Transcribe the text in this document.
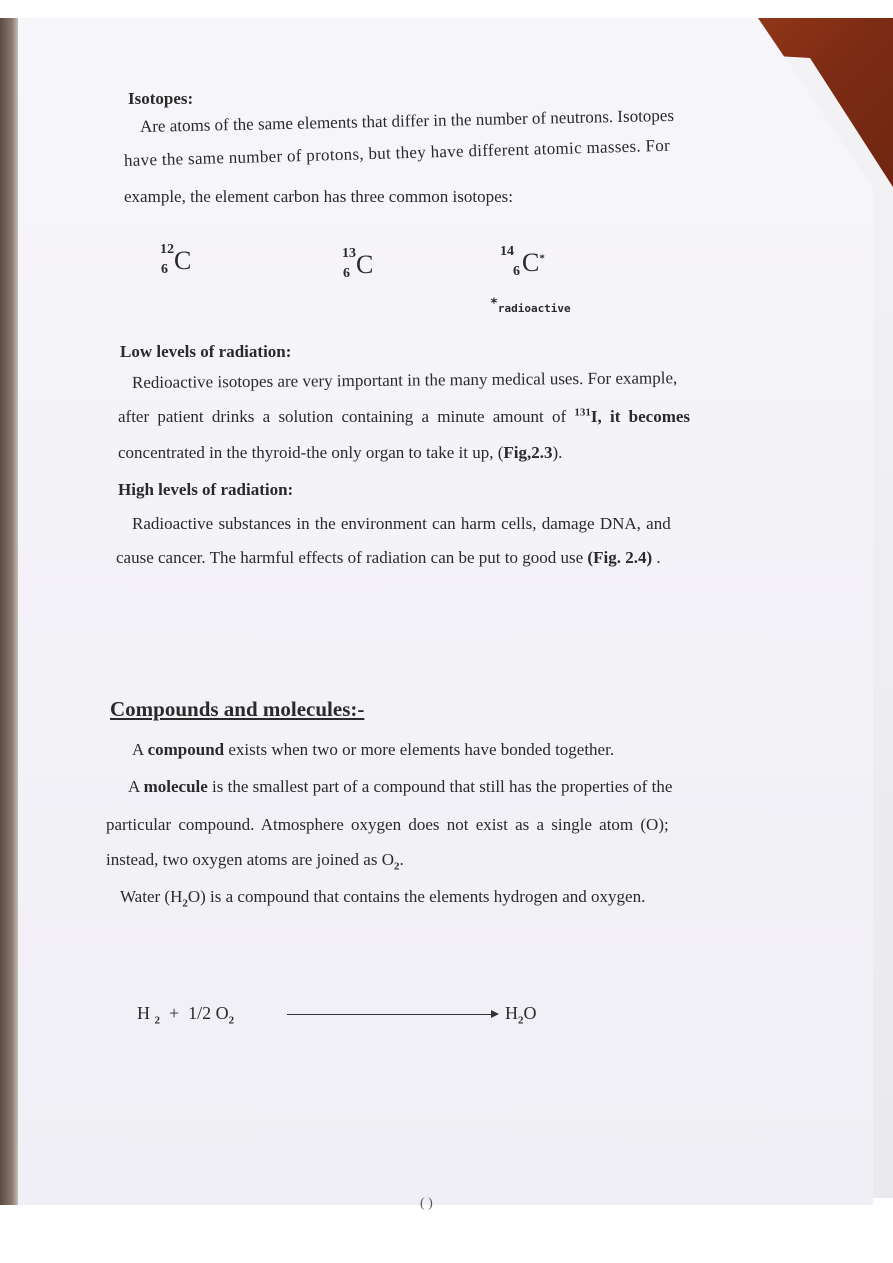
Isotopes:
Are atoms of the same elements that differ in the number of neutrons. Isotopes
have the same number of protons, but they have different atomic masses. For
example, the element carbon has three common isotopes:
12
6 C	13
6 C	14
6 C*
*radioactive
Low levels of radiation:
Redioactive isotopes are very important in the many medical uses. For example,
after patient drinks a solution containing a minute amount of $^{131}$I, it becomes
concentrated in the thyroid-the only organ to take it up, (Fig,2.3).
High levels of radiation:
Radioactive substances in the environment can harm cells, damage DNA, and
cause cancer. The harmful effects of radiation can be put to good use (Fig. 2.4) .
Compounds and molecules:-
A compound exists when two or more elements have bonded together.
A molecule is the smallest part of a compound that still has the properties of the
particular compound. Atmosphere oxygen does not exist as a single atom (O);
instead, two oxygen atoms are joined as $O_2$.
Water $(H_2O)$ is a compound that contains the elements hydrogen and oxygen.
H $_2$ + 1/2 $O_2$	$H_2O$
( )
